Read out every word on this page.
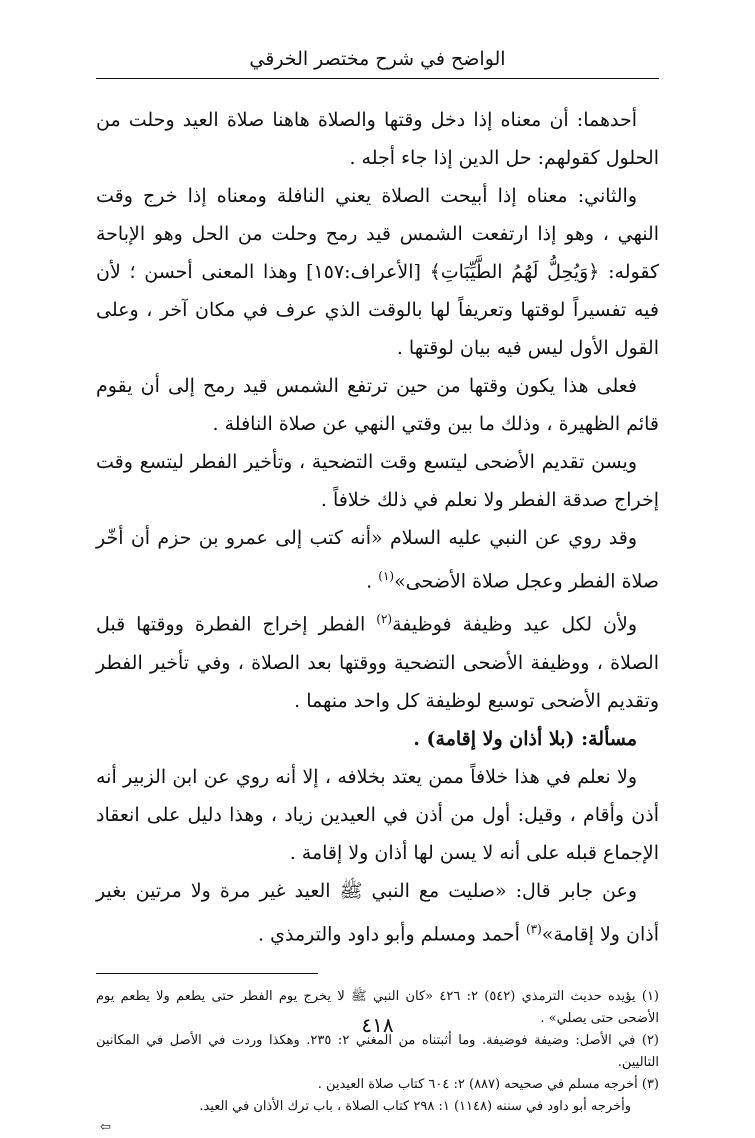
الواضح في شرح مختصر الخرقي

أحدهما: أن معناه إذا دخل وقتها والصلاة هاهنا صلاة العيد وحلت من الحلول كقولهم: حل الدين إذا جاء أجله .

والثاني: معناه إذا أبيحت الصلاة يعني النافلة ومعناه إذا خرج وقت النهي ، وهو إذا ارتفعت الشمس قيد رمح وحلت من الحل وهو الإباحة كقوله: ﴿وَيُحِلُّ لَهُمُ الطَّيِّبَاتِ﴾ [الأعراف:١٥٧] وهذا المعنى أحسن ؛ لأن فيه تفسيراً لوقتها وتعريفاً لها بالوقت الذي عرف في مكان آخر ، وعلى القول الأول ليس فيه بيان لوقتها .

فعلى هذا يكون وقتها من حين ترتفع الشمس قيد رمح إلى أن يقوم قائم الظهيرة ، وذلك ما بين وقتي النهي عن صلاة النافلة .

ويسن تقديم الأضحى ليتسع وقت التضحية ، وتأخير الفطر ليتسع وقت إخراج صدقة الفطر ولا نعلم في ذلك خلافاً .

وقد روي عن النبي عليه السلام «أنه كتب إلى عمرو بن حزم أن أخّر صلاة الفطر وعجل صلاة الأضحى»$^{(١)}$ .

ولأن لكل عيد وظيفة فوظيفة$^{(٢)}$ الفطر إخراج الفطرة ووقتها قبل الصلاة ، ووظيفة الأضحى التضحية ووقتها بعد الصلاة ، وفي تأخير الفطر وتقديم الأضحى توسيع لوظيفة كل واحد منهما .

مسألة: (بلا أذان ولا إقامة) .

ولا نعلم في هذا خلافاً ممن يعتد بخلافه ، إلا أنه روي عن ابن الزبير أنه أذن وأقام ، وقيل: أول من أذن في العيدين زياد ، وهذا دليل على انعقاد الإجماع قبله على أنه لا يسن لها أذان ولا إقامة .

وعن جابر قال: «صليت مع النبي ﷺ العيد غير مرة ولا مرتين بغير أذان ولا إقامة»$^{(٣)}$ أحمد ومسلم وأبو داود والترمذي .

(١) يؤيده حديث الترمذي (٥٤٢) ٢: ٤٢٦ «كان النبي ﷺ لا يخرج يوم الفطر حتى يطعم ولا يطعم يوم الأضحى حتى يصلي» .

(٢) في الأصل: وضيفة فوضيفة. وما أثبتناه من المغني ٢: ٢٣٥. وهكذا وردت في الأصل في المكانين التاليين.

(٣) أخرجه مسلم في صحيحه (٨٨٧) ٢: ٦٠٤ كتاب صلاة العيدين .

وأخرجه أبو داود في سننه (١١٤٨) ١: ٢٩٨ كتاب الصلاة ، باب ترك الأذان في العيد.

⇦
٤١٨
